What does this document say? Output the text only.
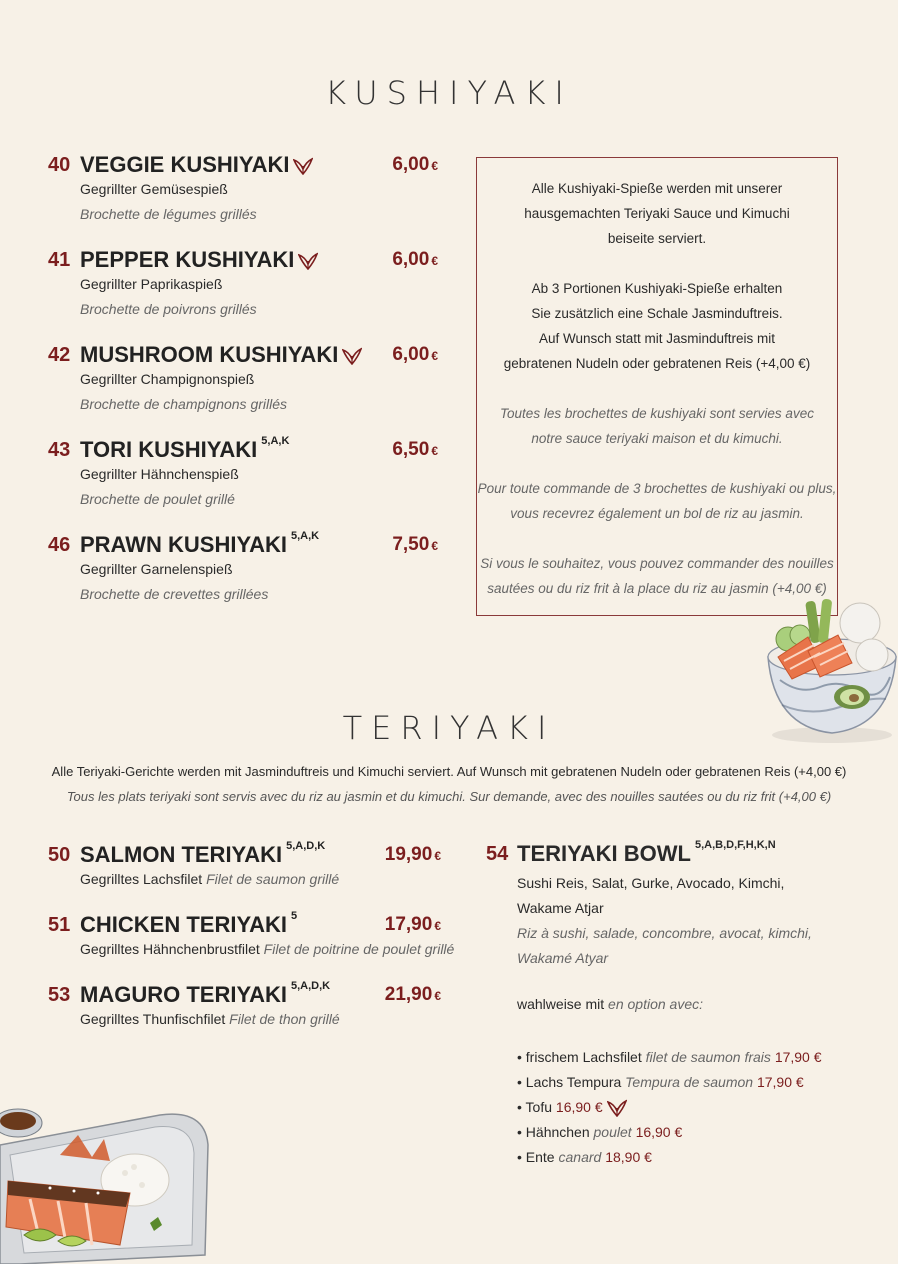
KUSHIYAKI
40 VEGGIE KUSHIYAKI	6,00 €
Gegrillter Gemüsespieß
Brochette de légumes grillés
41 PEPPER KUSHIYAKI	6,00 €
Gegrillter Paprikaspieß
Brochette de poivrons grillés
42 MUSHROOM KUSHIYAKI	6,00 €
Gegrillter Champignonspieß
Brochette de champignons grillés
43 TORI KUSHIYAKI $^{5,A,K}$	6,50 €
Gegrillter Hähnchenspieß
Brochette de poulet grillé
46 PRAWN KUSHIYAKI $^{5,A,K}$	7,50 €
Gegrillter Garnelenspieß
Brochette de crevettes grillées

Alle Kushiyaki-Spieße werden mit unserer
hausgemachten Teriyaki Sauce und Kimuchi
beiseite serviert.

Ab 3 Portionen Kushiyaki-Spieße erhalten
Sie zusätzlich eine Schale Jasminduftreis.
Auf Wunsch statt mit Jasminduftreis mit
gebratenen Nudeln oder gebratenen Reis (+4,00 €)

Toutes les brochettes de kushiyaki sont servies avec
notre sauce teriyaki maison et du kimuchi.

Pour toute commande de 3 brochettes de kushiyaki ou plus,
vous recevrez également un bol de riz au jasmin.

Si vous le souhaitez, vous pouvez commander des nouilles
sautées ou du riz frit à la place du riz au jasmin (+4,00 €)

TERIYAKI
Alle Teriyaki-Gerichte werden mit Jasminduftreis und Kimuchi serviert. Auf Wunsch mit gebratenen Nudeln oder gebratenen Reis (+4,00 €)
Tous les plats teriyaki sont servis avec du riz au jasmin et du kimuchi. Sur demande, avec des nouilles sautées ou du riz frit (+4,00 €)
50 SALMON TERIYAKI $^{5,A,D,K}$	19,90 €
Gegrilltes Lachsfilet Filet de saumon grillé
51 CHICKEN TERIYAKI $^5$	17,90 €
Gegrilltes Hähnchenbrustfilet Filet de poitrine de poulet grillé
53 MAGURO TERIYAKI $^{5,A,D,K}$	21,90 €
Gegrilltes Thunfischfilet Filet de thon grillé
54 TERIYAKI BOWL $^{5,A,B,D,F,H,K,N}$
Sushi Reis, Salat, Gurke, Avocado, Kimchi,
Wakame Atjar
Riz à sushi, salade, concombre, avocat, kimchi,
Wakamé Atyar
wahlweise mit en option avec:
• frischem Lachsfilet filet de saumon frais 17,90 €
• Lachs Tempura Tempura de saumon 17,90 €
• Tofu 16,90 €
• Hähnchen poulet 16,90 €
• Ente canard 18,90 €
